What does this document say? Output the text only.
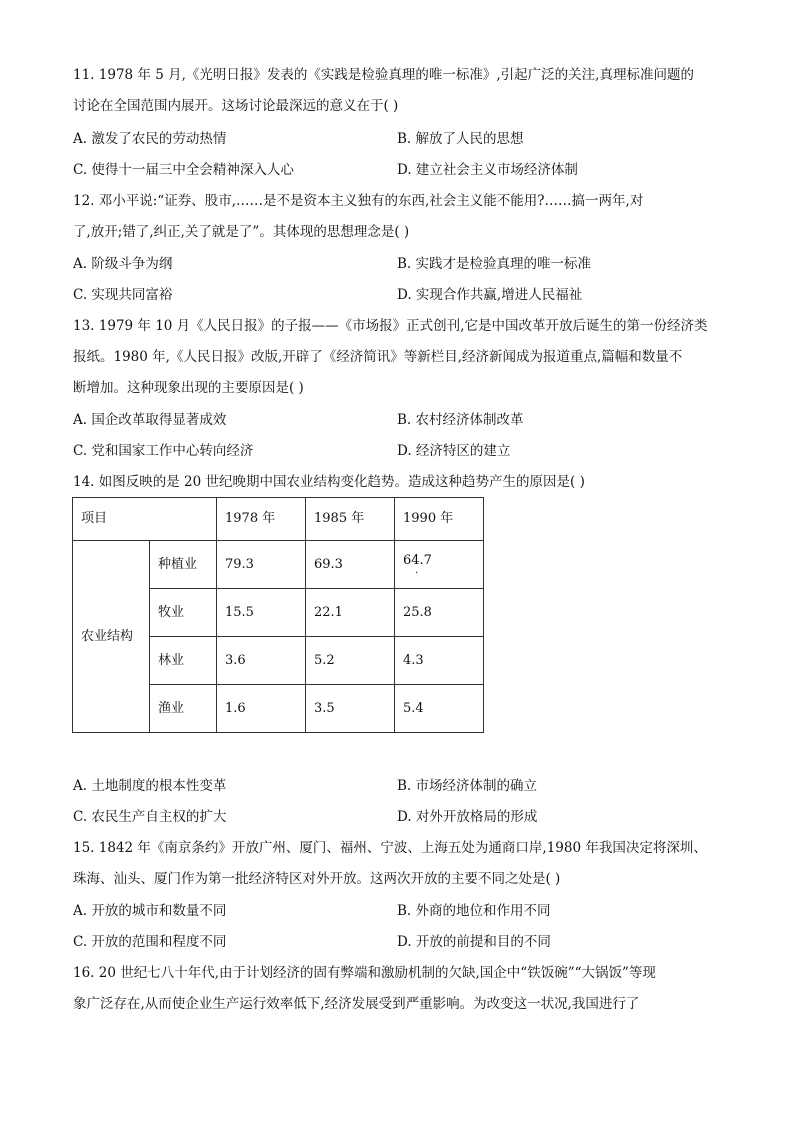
11. 1978 年 5 月,《光明日报》发表的《实践是检验真理的唯一标准》,引起广泛的关注,真理标准问题的
讨论在全国范围内展开。这场讨论最深远的意义在于( )
A. 激发了农民的劳动热情	B. 解放了人民的思想
C. 使得十一届三中全会精神深入人心	D. 建立社会主义市场经济体制
12. 邓小平说:“证券、股市,……是不是资本主义独有的东西,社会主义能不能用?……搞一两年,对
了,放开;错了,纠正,关了就是了”。其体现的思想理念是( )
A. 阶级斗争为纲	B. 实践才是检验真理的唯一标准
C. 实现共同富裕	D. 实现合作共赢,增进人民福祉
13. 1979 年 10 月《人民日报》的子报——《市场报》正式创刊,它是中国改革开放后诞生的第一份经济类
报纸。1980 年,《人民日报》改版,开辟了《经济简讯》等新栏目,经济新闻成为报道重点,篇幅和数量不
断增加。这种现象出现的主要原因是( )
A. 国企改革取得显著成效	B. 农村经济体制改革
C. 党和国家工作中心转向经济	D. 经济特区的建立
14. 如图反映的是 20 世纪晚期中国农业结构变化趋势。造成这种趋势产生的原因是( )
项目		1978 年	1985 年	1990 年
农业结构	种植业	79.3	69.3	64.7
·

	牧业	15.5	22.1	25.8
	林业	3.6	5.2	4.3
	渔业	1.6	3.5	5.4
A. 土地制度的根本性变革	B. 市场经济体制的确立
C. 农民生产自主权的扩大	D. 对外开放格局的形成
15. 1842 年《南京条约》开放广州、厦门、福州、宁波、上海五处为通商口岸,1980 年我国决定将深圳、
珠海、汕头、厦门作为第一批经济特区对外开放。这两次开放的主要不同之处是( )
A. 开放的城市和数量不同	B. 外商的地位和作用不同
C. 开放的范围和程度不同	D. 开放的前提和目的不同
16. 20 世纪七八十年代,由于计划经济的固有弊端和激励机制的欠缺,国企中“铁饭碗”“大锅饭”等现
象广泛存在,从而使企业生产运行效率低下,经济发展受到严重影响。为改变这一状况,我国进行了
